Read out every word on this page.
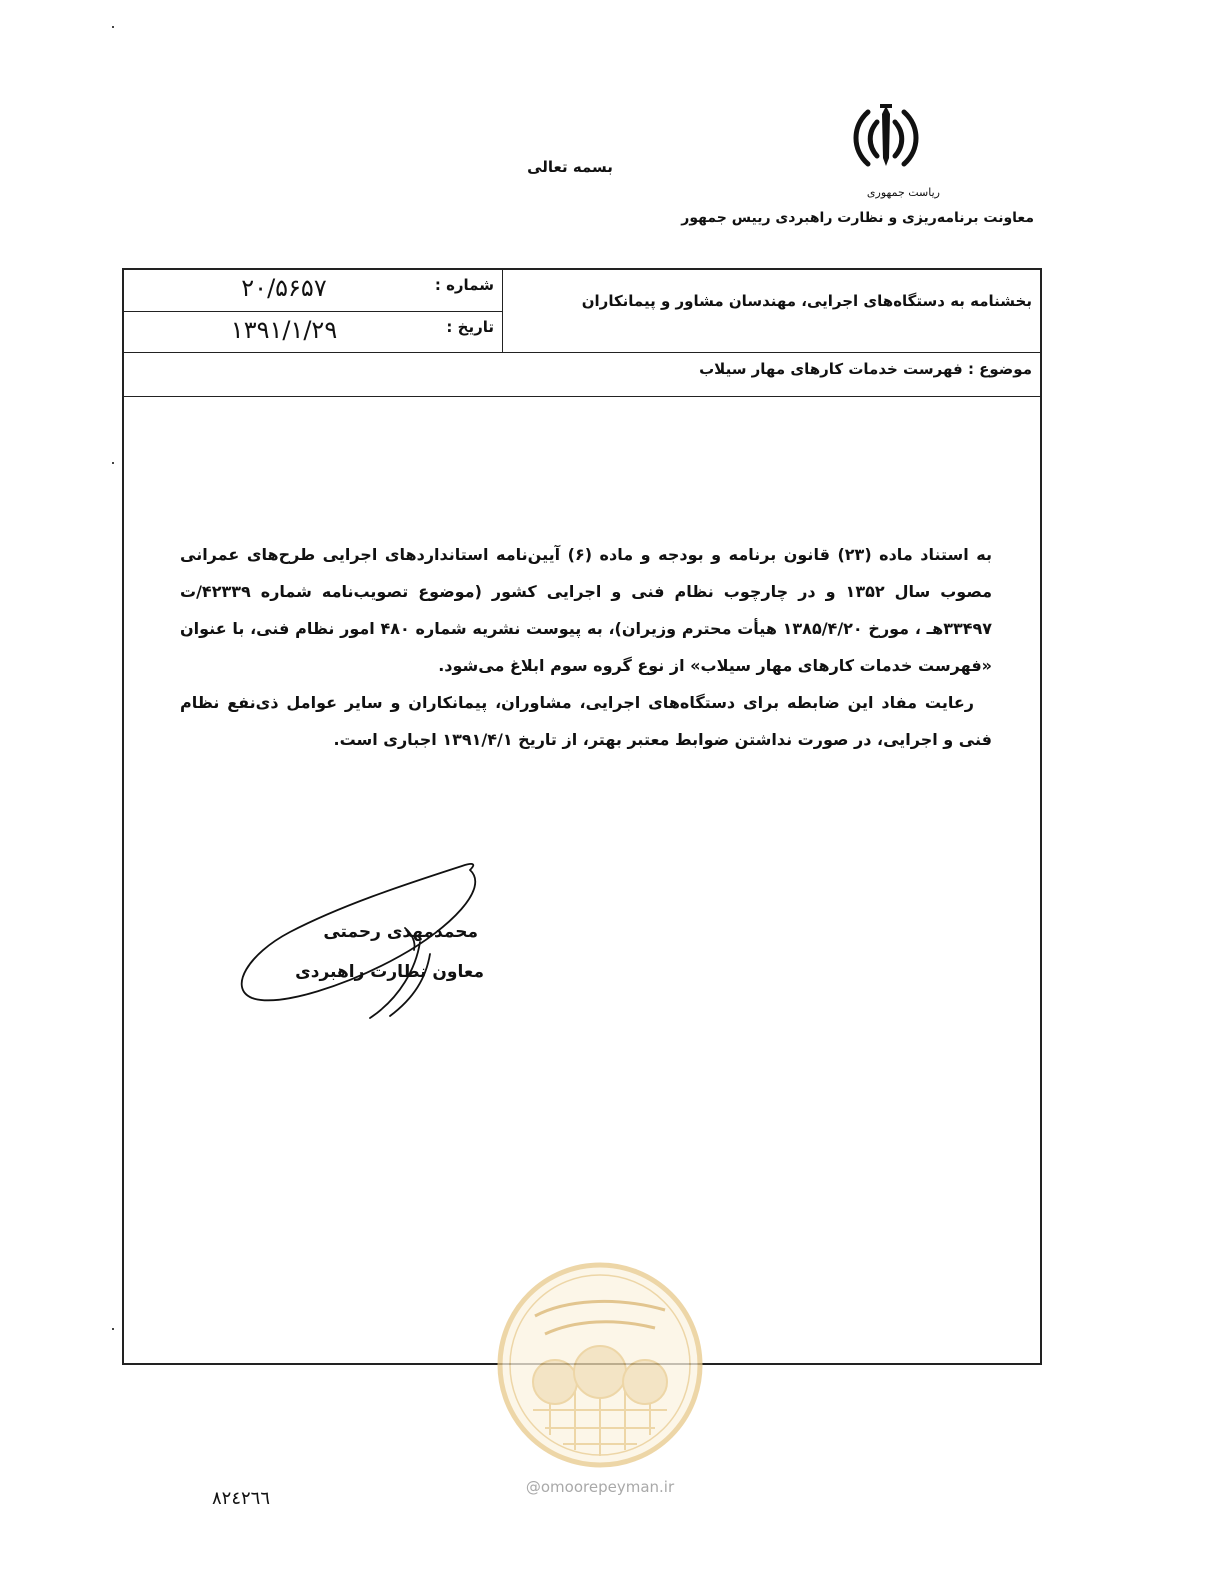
بسمه تعالی
ریاست جمهوری
معاونت برنامه‌ریزی و نظارت راهبردی رییس جمهور
بخشنامه به دستگاه‌های اجرایی، مهندسان مشاور و پیمانکاران
شماره :
۲۰/۵۶۵۷
تاریخ :
۱۳۹۱/۱/۲۹
موضوع : فهرست خدمات کارهای مهار سیلاب

به استناد ماده (۲۳) قانون برنامه و بودجه و ماده (۶) آیین‌نامه استانداردهای اجرایی طرح‌های عمرانی مصوب سال ۱۳۵۲ و در چارچوب نظام فنی و اجرایی کشور (موضوع تصویب‌نامه شماره ۴۲۳۳۹/ت ۳۳۴۹۷هـ ، مورخ ۱۳۸۵/۴/۲۰ هیأت محترم وزیران)، به پیوست نشریه شماره ۴۸۰ امور نظام فنی، با عنوان «فهرست خدمات کارهای مهار سیلاب» از نوع گروه سوم ابلاغ می‌شود.

رعایت مفاد این ضابطه برای دستگاه‌های اجرایی، مشاوران، پیمانکاران و سایر عوامل ذی‌نفع نظام فنی و اجرایی، در صورت نداشتن ضوابط معتبر بهتر، از تاریخ ۱۳۹۱/۴/۱ اجباری است.

محمدمهدی رحمتی
معاون نظارت راهبردی
@omoorepeyman.ir
٨٢٤٢٦٦
